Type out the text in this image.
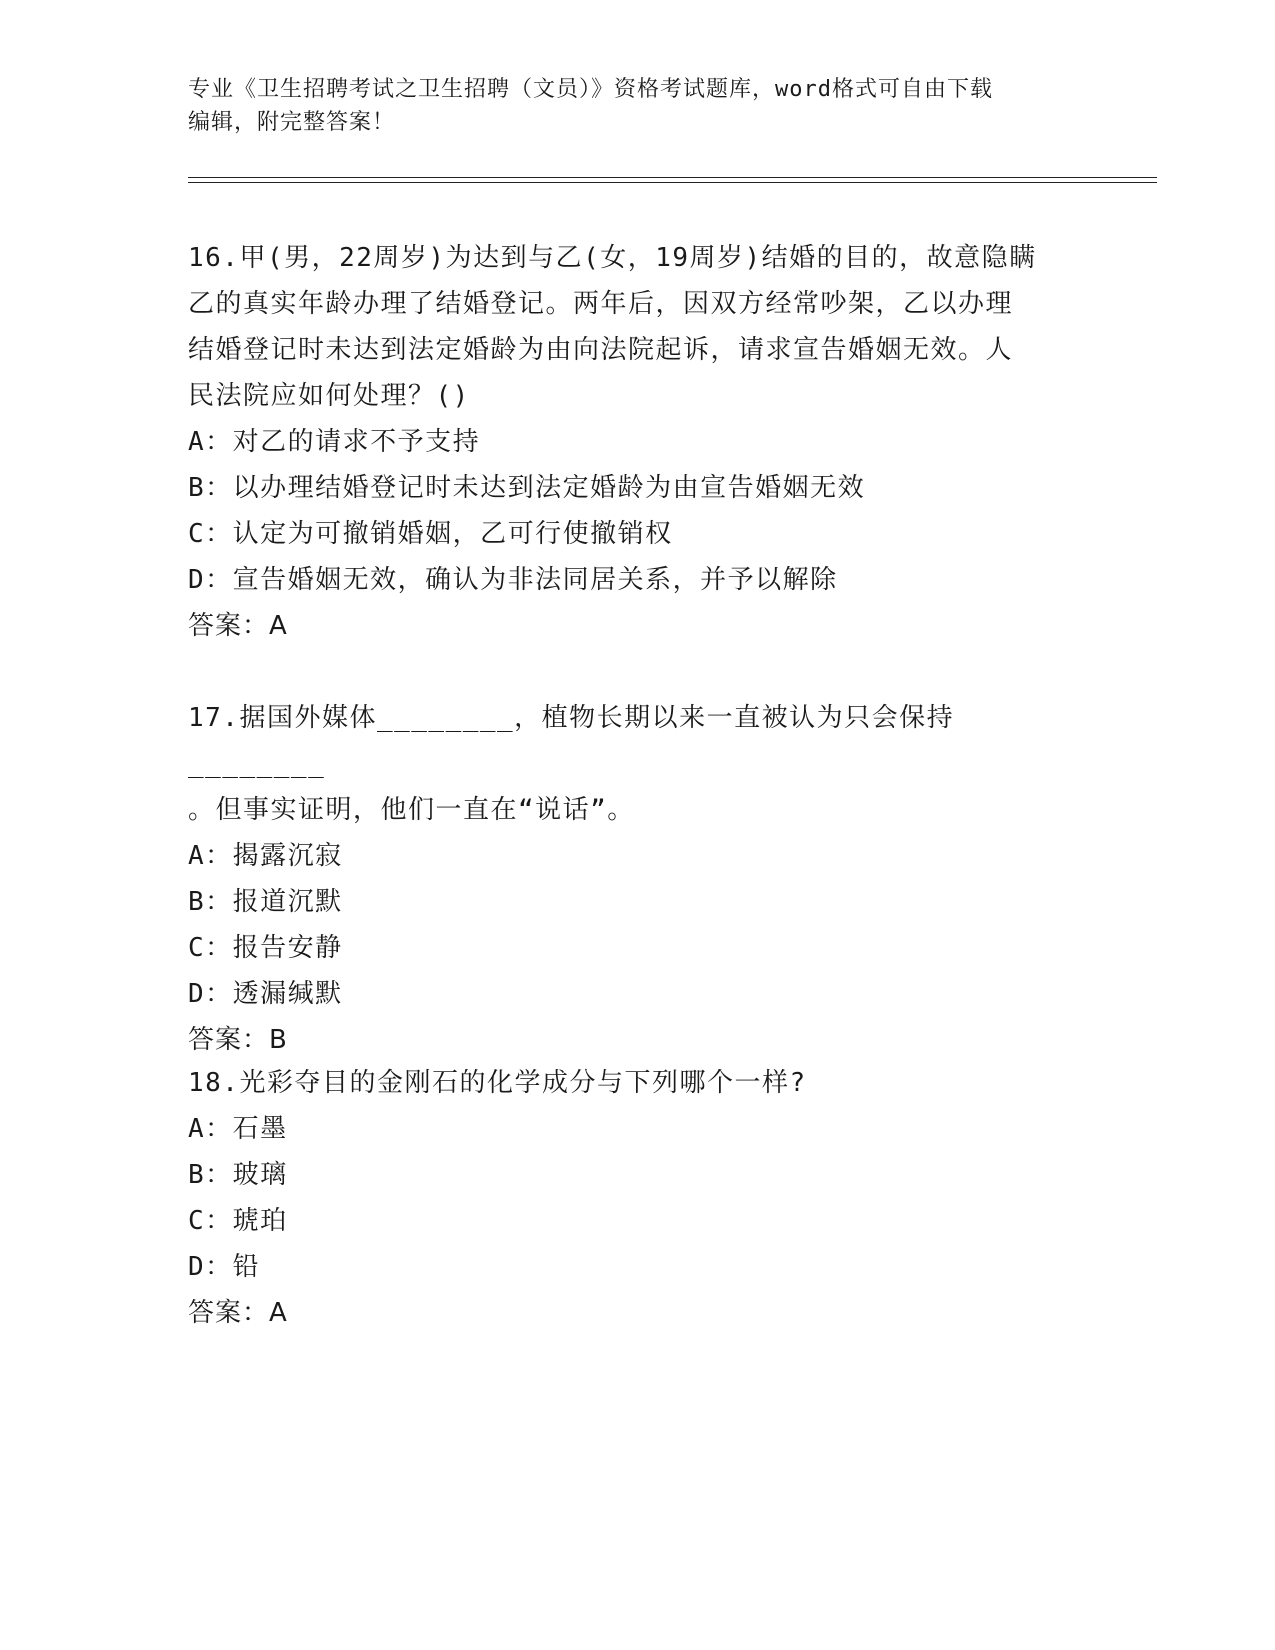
专业《卫生招聘考试之卫生招聘（文员）》资格考试题库，word格式可自由下载
编辑，附完整答案！

16.甲(男，22周岁)为达到与乙(女，19周岁)结婚的目的，故意隐瞒

乙的真实年龄办理了结婚登记。两年后，因双方经常吵架，乙以办理

结婚登记时未达到法定婚龄为由向法院起诉，请求宣告婚姻无效。人

民法院应如何处理？()

A：对乙的请求不予支持

B：以办理结婚登记时未达到法定婚龄为由宣告婚姻无效

C：认定为可撤销婚姻，乙可行使撤销权

D：宣告婚姻无效，确认为非法同居关系，并予以解除

答案：A

17.据国外媒体________，植物长期以来一直被认为只会保持________

。但事实证明，他们一直在“说话”。

A：揭露沉寂

B：报道沉默

C：报告安静

D：透漏缄默

答案：B

18.光彩夺目的金刚石的化学成分与下列哪个一样?

A：石墨

B：玻璃

C：琥珀

D：铅

答案：A
